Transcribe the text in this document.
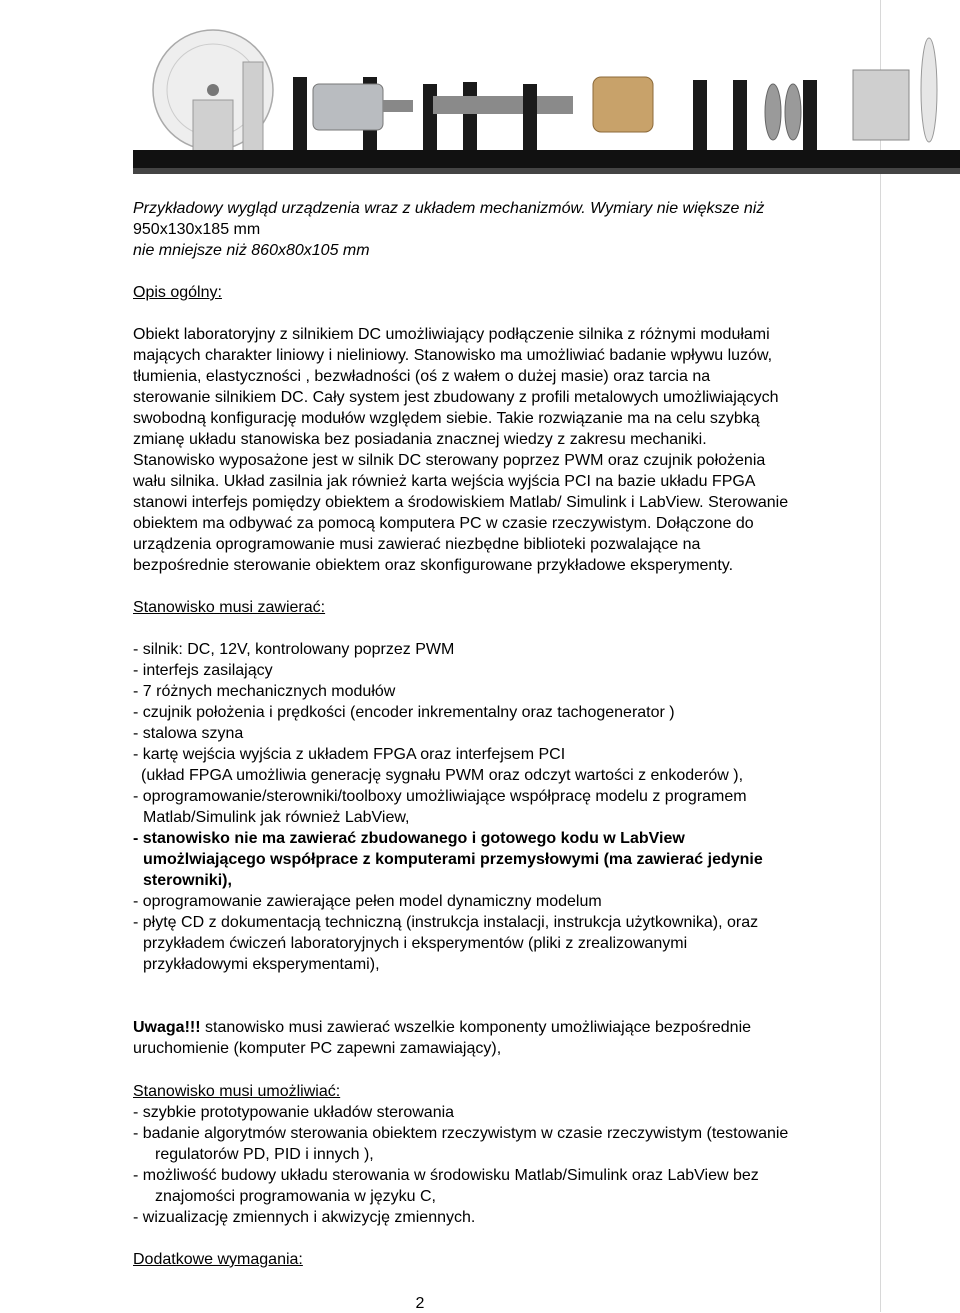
Przykładowy wygląd urządzenia wraz z układem mechanizmów. Wymiary nie większe niż

950x130x185 mm

nie mniejsze niż 860x80x105 mm

Opis ogólny:

Obiekt laboratoryjny z silnikiem DC umożliwiający podłączenie silnika z różnymi modułami

mających charakter liniowy i nieliniowy. Stanowisko ma umożliwiać badanie wpływu luzów,

tłumienia, elastyczności , bezwładności (oś z wałem o dużej masie) oraz tarcia na

sterowanie silnikiem DC. Cały system jest zbudowany z profili metalowych umożliwiających

swobodną konfigurację modułów względem siebie. Takie rozwiązanie ma na celu szybką

zmianę układu stanowiska bez posiadania znacznej wiedzy z zakresu mechaniki.

Stanowisko wyposażone jest w silnik DC sterowany poprzez PWM oraz czujnik położenia

wału silnika. Układ zasilnia jak również karta wejścia wyjścia PCI na bazie układu FPGA

stanowi interfejs pomiędzy obiektem a środowiskiem Matlab/ Simulink i LabView. Sterowanie

obiektem ma odbywać za pomocą komputera PC w czasie rzeczywistym. Dołączone do

urządzenia oprogramowanie musi zawierać niezbędne biblioteki pozwalające na

bezpośrednie sterowanie obiektem oraz skonfigurowane przykładowe eksperymenty.

Stanowisko musi zawierać:

- silnik: DC, 12V, kontrolowany poprzez PWM

- interfejs zasilający

- 7 różnych mechanicznych modułów

- czujnik położenia i prędkości (encoder inkrementalny oraz tachogenerator )

- stalowa szyna

- kartę wejścia wyjścia z układem FPGA oraz interfejsem PCI

(układ FPGA umożliwia generację sygnału PWM oraz odczyt wartości z enkoderów ),

- oprogramowanie/sterowniki/toolboxy umożliwiające współpracę modelu z programem

Matlab/Simulink jak również LabView,

- stanowisko nie ma zawierać zbudowanego i gotowego kodu w LabView

umożlwiającego współprace z komputerami przemysłowymi (ma zawierać jedynie

sterowniki),

- oprogramowanie zawierające pełen model dynamiczny modelum

- płytę CD z dokumentacją techniczną (instrukcja instalacji, instrukcja użytkownika), oraz

przykładem ćwiczeń laboratoryjnych i eksperymentów (pliki z zrealizowanymi

przykładowymi eksperymentami),

Uwaga!!! stanowisko musi zawierać wszelkie komponenty umożliwiające bezpośrednie

uruchomienie (komputer PC zapewni zamawiający),

Stanowisko musi umożliwiać:

- szybkie prototypowanie układów sterowania

- badanie algorytmów sterowania obiektem rzeczywistym w czasie rzeczywistym (testowanie

regulatorów PD, PID i innych ),

- możliwość budowy układu sterowania w środowisku Matlab/Simulink oraz LabView bez

znajomości programowania w języku C,

- wizualizację zmiennych i akwizycję zmiennych.

Dodatkowe wymagania:

2
